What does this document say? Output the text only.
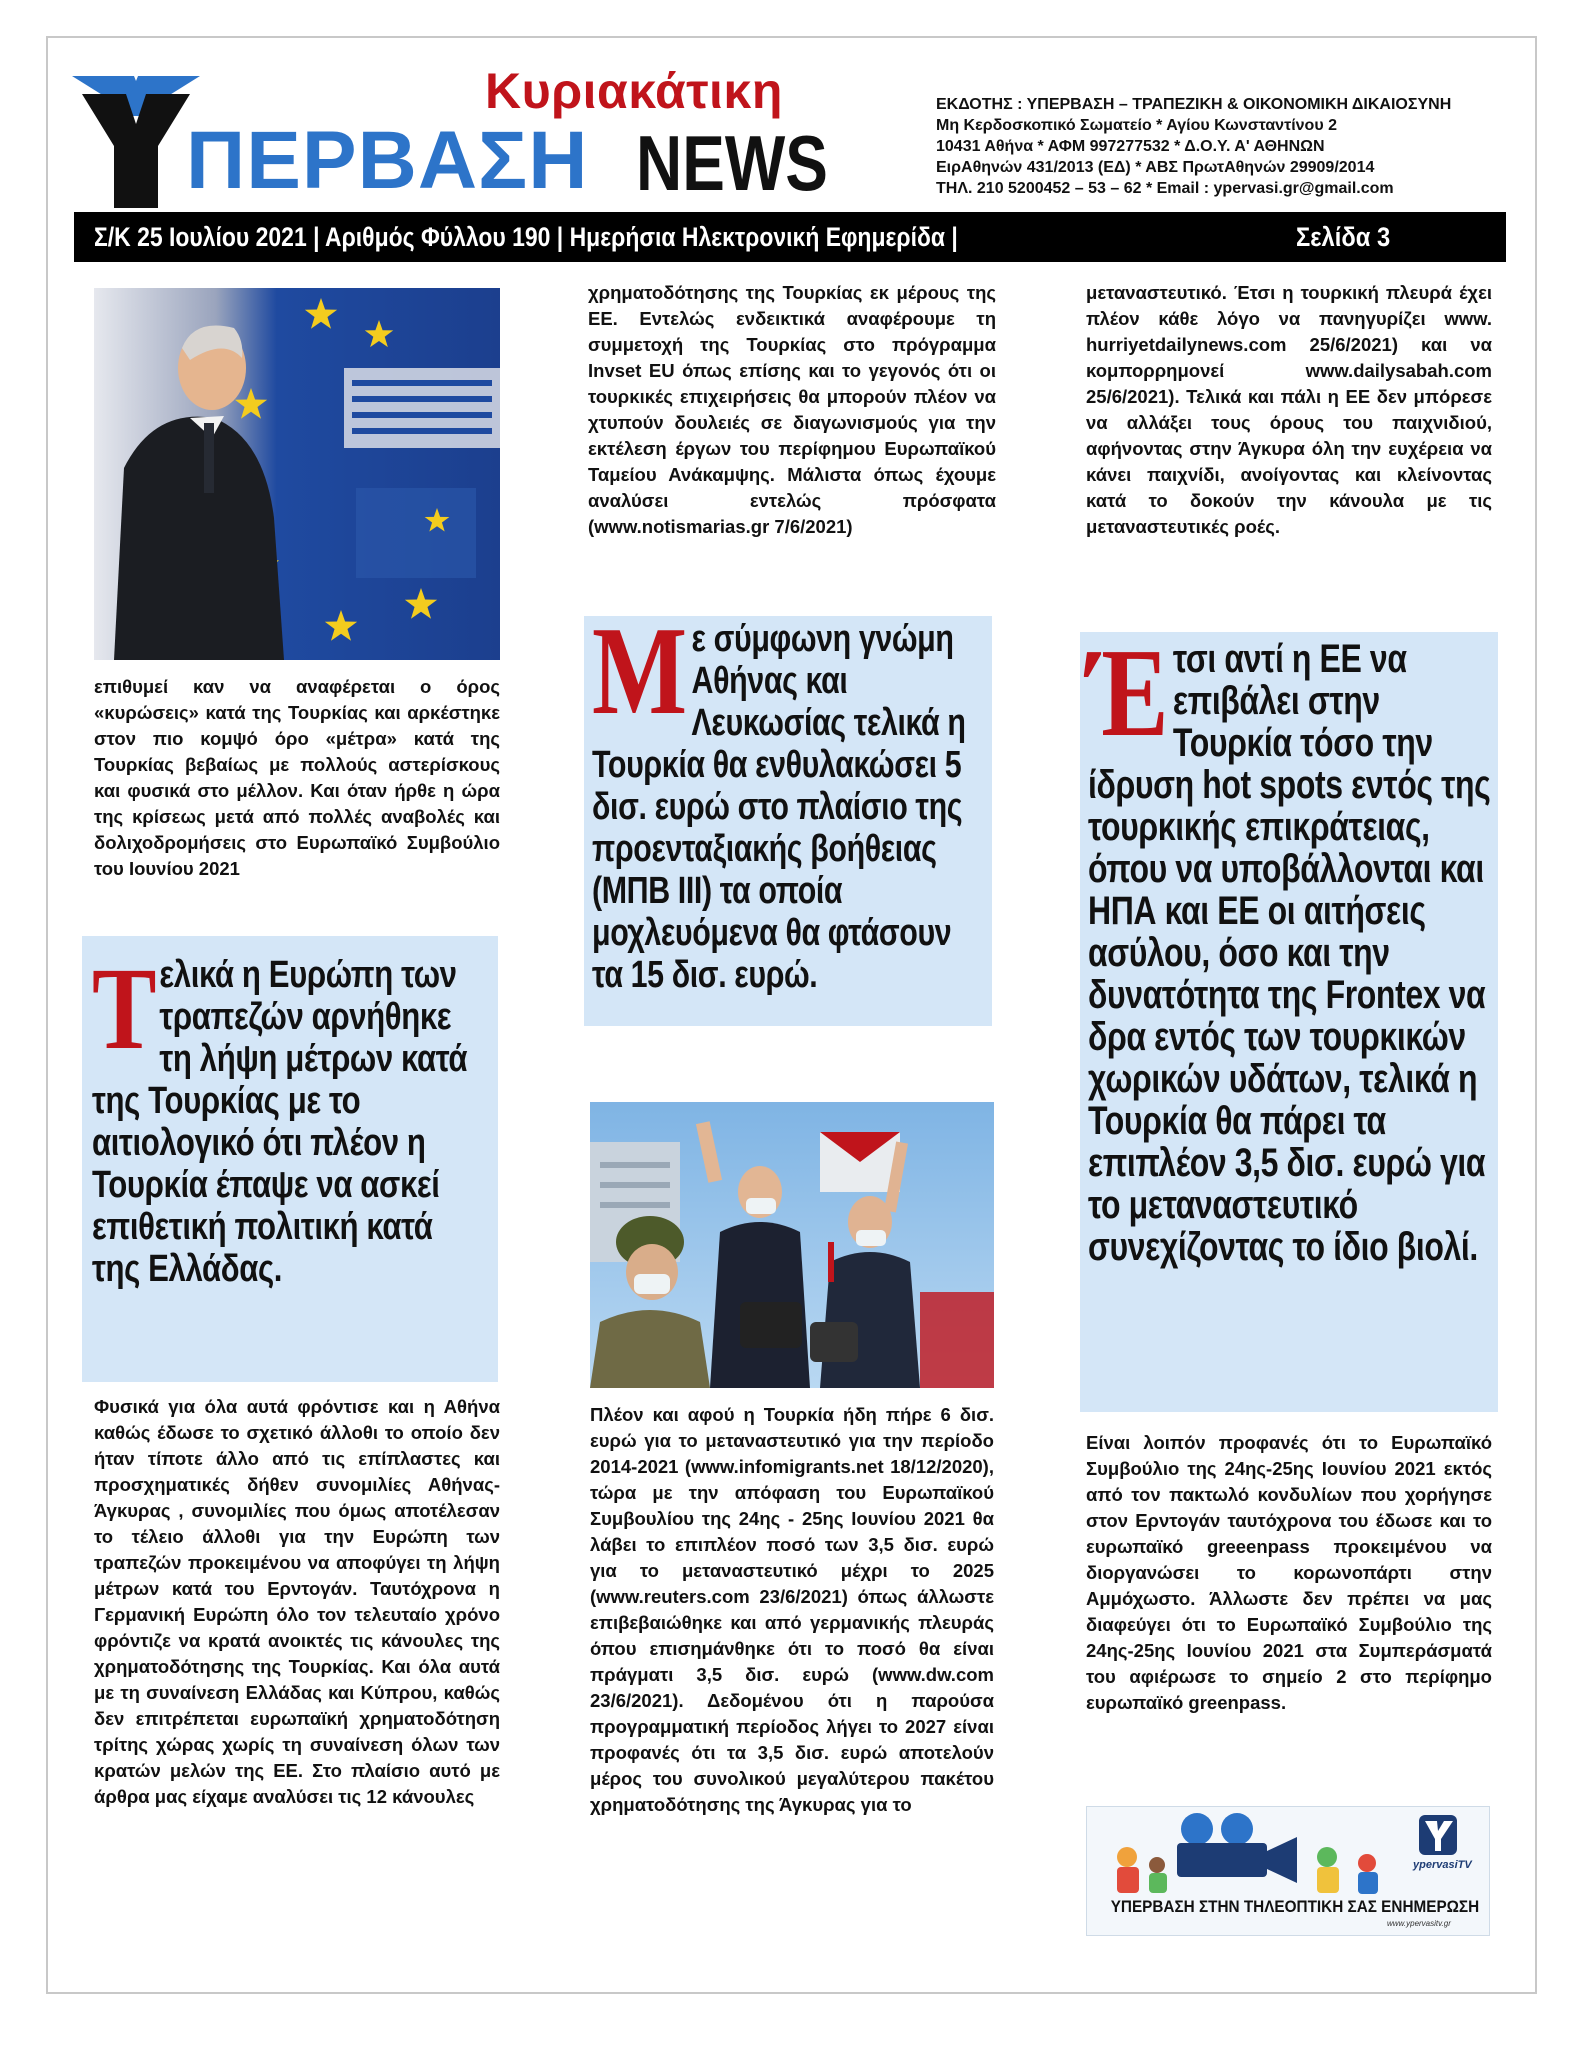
Κυριακάτικη
ΠΕΡΒΑΣΗ NEWS
ΕΚΔΟΤΗΣ : ΥΠΕΡΒΑΣΗ – ΤΡΑΠΕΖΙΚΗ & ΟΙΚΟΝΟΜΙΚΗ ΔΙΚΑΙΟΣΥΝΗ
Μη Κερδοσκοπικό Σωματείο * Αγίου Κωνσταντίνου 2
10431 Αθήνα * ΑΦΜ 997277532 * Δ.Ο.Υ. Α' ΑΘΗΝΩΝ
ΕιρΑθηνών 431/2013 (ΕΔ) * ΑΒΣ ΠρωτΑθηνών 29909/2014
ΤΗΛ. 210 5200452 – 53 – 62 * Email : ypervasi.gr@gmail.com
Σ/Κ 25 Ιουλίου 2021 | Αριθμός Φύλλου 190 | Ημερήσια Ηλεκτρονική Εφημερίδα |	Σελίδα 3
επιθυμεί καν να αναφέρεται ο όρος «κυρώσεις» κατά της Τουρκίας και αρκέστηκε στον πιο κομψό όρο «μέτρα» κατά της Τουρκίας βεβαίως με πολλούς αστερίσκους και φυσικά στο μέλλον. Και όταν ήρθε η ώρα της κρίσεως μετά από πολλές αναβολές και δολιχοδρομήσεις στο Ευρωπαϊκό Συμβούλιο του Ιουνίου 2021
Τελικά η Ευρώπη των τραπεζών αρνήθηκε τη λήψη μέτρων κατά της Τουρκίας με το αιτιολογικό ότι πλέον η Τουρκία έπαψε να ασκεί επιθετική πολιτική κατά της Ελλάδας.
Φυσικά για όλα αυτά φρόντισε και η Αθήνα καθώς έδωσε το σχετικό άλλοθι το οποίο δεν ήταν τίποτε άλλο από τις επίπλαστες και προσχηματικές δήθεν συνομιλίες Αθήνας-Άγκυρας , συνομιλίες που όμως αποτέλεσαν το τέλειο άλλοθι για την Ευρώπη των τραπεζών προκειμένου να αποφύγει τη λήψη μέτρων κατά του Ερντογάν. Ταυτόχρονα η Γερμανική Ευρώπη όλο τον τελευταίο χρόνο φρόντιζε να κρατά ανοικτές τις κάνουλες της χρηματοδότησης της Τουρκίας. Και όλα αυτά με τη συναίνεση Ελλάδας και Κύπρου, καθώς δεν επιτρέπεται ευρωπαϊκή χρηματοδότηση τρίτης χώρας χωρίς τη συναίνεση όλων των κρατών μελών της ΕΕ. Στο πλαίσιο αυτό με άρθρα μας είχαμε αναλύσει τις 12 κάνουλες
χρηματοδότησης της Τουρκίας εκ μέρους της ΕΕ. Εντελώς ενδεικτικά αναφέρουμε τη συμμετοχή της Τουρκίας στο πρόγραμμα Invset EU όπως επίσης και το γεγονός ότι οι τουρκικές επιχειρήσεις θα μπορούν πλέον να χτυπούν δουλειές σε διαγωνισμούς για την εκτέλεση έργων του περίφημου Ευρωπαϊκού Ταμείου Ανάκαμψης. Μάλιστα όπως έχουμε αναλύσει εντελώς πρόσφατα (www.notismarias.gr 7/6/2021)
Με σύμφωνη γνώμη Αθήνας και Λευκωσίας τελικά η Τουρκία θα ενθυλακώσει 5 δισ. ευρώ στο πλαίσιο της προενταξιακής βοήθειας (ΜΠΒ ΙΙΙ) τα οποία μοχλευόμενα θα φτάσουν τα 15 δισ. ευρώ.
Πλέον και αφού η Τουρκία ήδη πήρε 6 δισ. ευρώ για το μεταναστευτικό για την περίοδο 2014-2021 (www.infomigrants.net 18/12/2020), τώρα με την απόφαση του Ευρωπαϊκού Συμβουλίου της 24ης - 25ης Ιουνίου 2021 θα λάβει το επιπλέον ποσό των 3,5 δισ. ευρώ για το μεταναστευτικό μέχρι το 2025 (www.reuters.com 23/6/2021) όπως άλλωστε επιβεβαιώθηκε και από γερμανικής πλευράς όπου επισημάνθηκε ότι το ποσό θα είναι πράγματι 3,5 δισ. ευρώ (www.dw.com 23/6/2021). Δεδομένου ότι η παρούσα προγραμματική περίοδος λήγει το 2027 είναι προφανές ότι τα 3,5 δισ. ευρώ αποτελούν μέρος του συνολικού μεγαλύτερου πακέτου χρηματοδότησης της Άγκυρας για το
μεταναστευτικό. Έτσι η τουρκική πλευρά έχει πλέον κάθε λόγο να πανηγυρίζει www. hurriyetdailynews.com 25/6/2021) και να κομπορρημονεί www.dailysabah.com 25/6/2021). Τελικά και πάλι η ΕΕ δεν μπόρεσε να αλλάξει τους όρους του παιχνιδιού, αφήνοντας στην Άγκυρα όλη την ευχέρεια να κάνει παιχνίδι, ανοίγοντας και κλείνοντας κατά το δοκούν την κάνουλα με τις μεταναστευτικές ροές.
Έτσι αντί η ΕΕ να επιβάλει στην Τουρκία τόσο την ίδρυση hot spots εντός της τουρκικής επικράτειας, όπου να υποβάλλονται και ΗΠΑ και ΕΕ οι αιτήσεις ασύλου, όσο και την δυνατότητα της Frontex να δρα εντός των τουρκικών χωρικών υδάτων, τελικά η Τουρκία θα πάρει τα επιπλέον 3,5 δισ. ευρώ για το μεταναστευτικό συνεχίζοντας το ίδιο βιολί.
Είναι λοιπόν προφανές ότι το Ευρωπαϊκό Συμβούλιο της 24ης-25ης Ιουνίου 2021 εκτός από τον πακτωλό κονδυλίων που χορήγησε στον Ερντογάν ταυτόχρονα του έδωσε και το ευρωπαϊκό greeenpass προκειμένου να διοργανώσει το κορωνοπάρτι στην Αμμόχωστο. Άλλωστε δεν πρέπει να μας διαφεύγει ότι το Ευρωπαϊκό Συμβούλιο της 24ης-25ης Ιουνίου 2021 στα Συμπεράσματά του αφιέρωσε το σημείο 2 στο περίφημο ευρωπαϊκό greenpass.
ypervasiTV
ΥΠΕΡΒΑΣΗ ΣΤΗΝ ΤΗΛΕΟΠΤΙΚΗ ΣΑΣ ΕΝΗΜΕΡΩΣΗ
www.ypervasitv.gr
